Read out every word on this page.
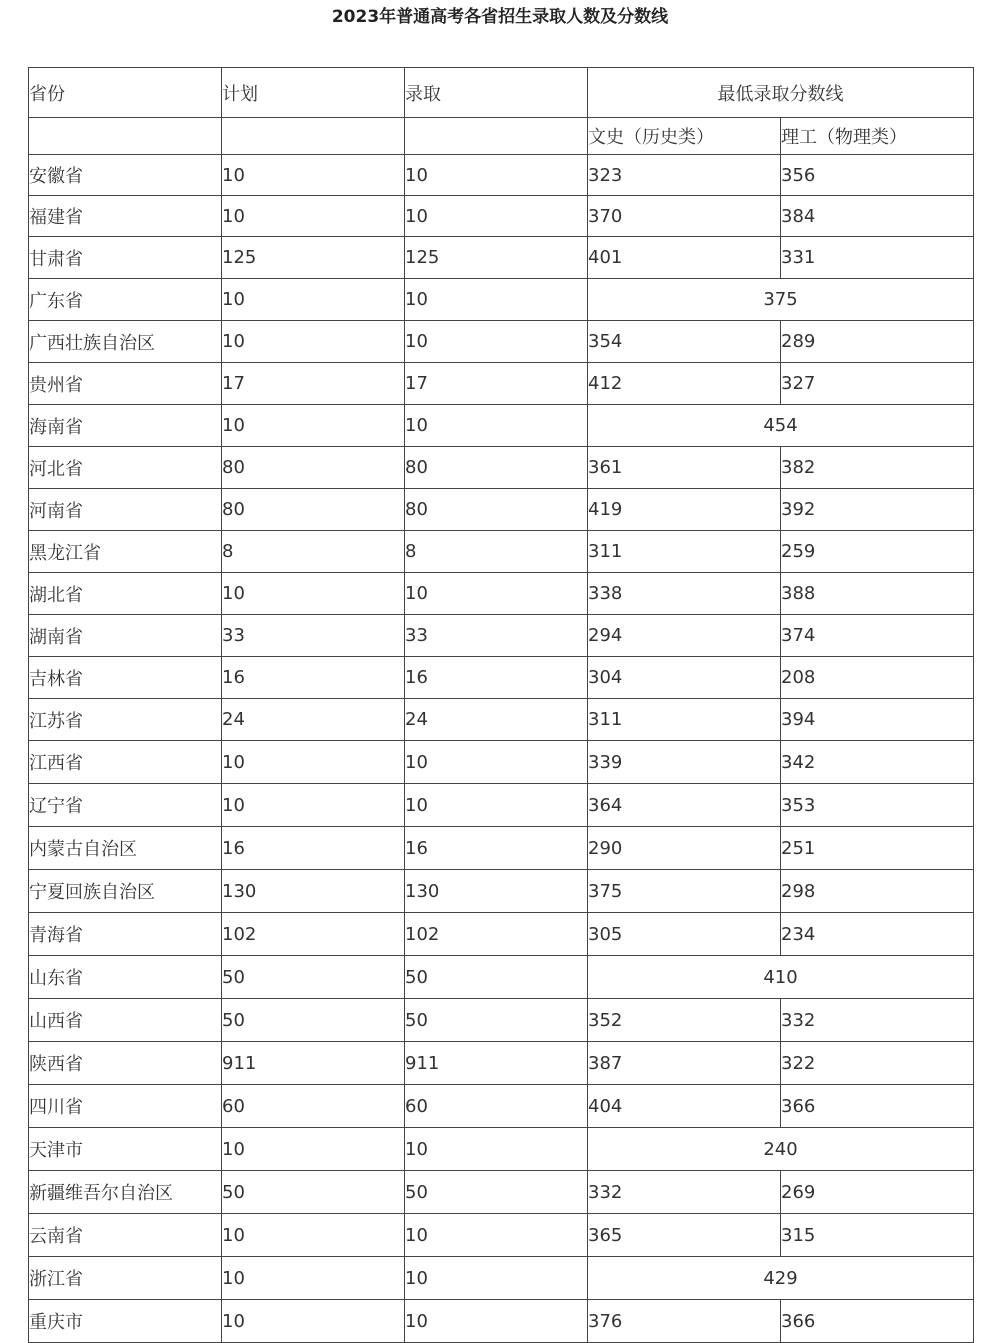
2023年普通高考各省招生录取人数及分数线
省份	计划	录取	最低录取分数线	
			文史（历史类）	理工（物理类）
安徽省	10	10	323	356
福建省	10	10	370	384
甘肃省	125	125	401	331
广东省	10	10	375	
广西壮族自治区	10	10	354	289
贵州省	17	17	412	327
海南省	10	10	454	
河北省	80	80	361	382
河南省	80	80	419	392
黑龙江省	8	8	311	259
湖北省	10	10	338	388
湖南省	33	33	294	374
吉林省	16	16	304	208
江苏省	24	24	311	394
江西省	10	10	339	342
辽宁省	10	10	364	353
内蒙古自治区	16	16	290	251
宁夏回族自治区	130	130	375	298
青海省	102	102	305	234
山东省	50	50	410	
山西省	50	50	352	332
陕西省	911	911	387	322
四川省	60	60	404	366
天津市	10	10	240	
新疆维吾尔自治区	50	50	332	269
云南省	10	10	365	315
浙江省	10	10	429	
重庆市	10	10	376	366
